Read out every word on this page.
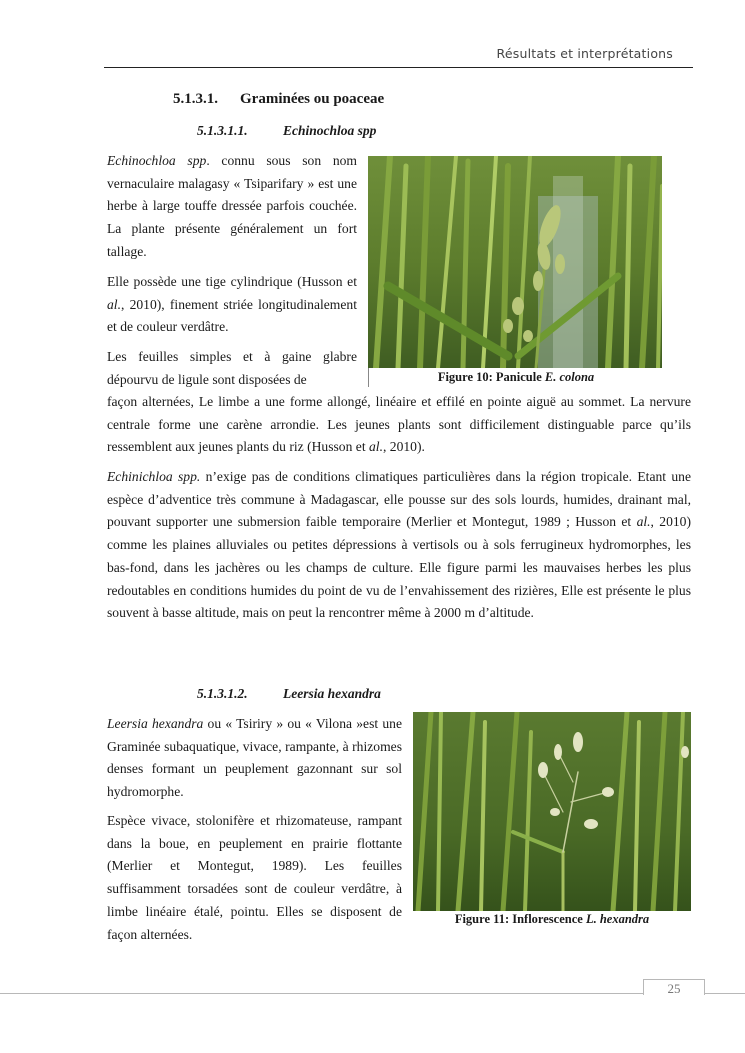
Résultats et interprétations
5.1.3.1. Graminées ou poaceae
5.1.3.1.1.	Echinochloa spp
Figure 10: Panicule E. colona

Echinochloa spp. connu sous son nom vernaculaire malagasy « Tsiparifary » est une herbe à large touffe dressée parfois couchée. La plante présente généralement un fort tallage.

Elle possède une tige cylindrique (Husson et al., 2010), finement striée longitudinalement et de couleur verdâtre.

Les feuilles simples et à gaine glabre dépourvu de ligule sont disposées de

façon alternées, Le limbe a une forme allongé, linéaire et effilé en pointe aiguë au sommet. La nervure centrale forme une carène arrondie. Les jeunes plants sont difficilement distinguable parce qu’ils ressemblent aux jeunes plants du riz (Husson et al., 2010).

Echinichloa spp. n’exige pas de conditions climatiques particulières dans la région tropicale. Etant une espèce d’adventice très commune à Madagascar, elle pousse sur des sols lourds, humides, drainant mal, pouvant supporter une submersion faible temporaire (Merlier et Montegut, 1989 ; Husson et al., 2010) comme les plaines alluviales ou petites dépressions à vertisols ou à sols ferrugineux hydromorphes, les bas-fond, dans les jachères ou les champs de culture. Elle figure parmi les mauvaises herbes les plus redoutables en conditions humides du point de vu de l’envahissement des rizières, Elle est présente le plus souvent à basse altitude, mais on peut la rencontrer même à 2000 m d’altitude.

5.1.3.1.2.	Leersia hexandra
Figure 11: Inflorescence L. hexandra

Leersia hexandra ou « Tsiriry » ou « Vilona »est une Graminée subaquatique, vivace, rampante, à rhizomes denses formant un peuplement gazonnant sur sol hydromorphe.

Espèce vivace, stolonifère et rhizomateuse, rampant dans la boue, en peuplement en prairie flottante (Merlier et Montegut, 1989). Les feuilles suffisamment torsadées sont de couleur verdâtre, à limbe linéaire étalé, pointu. Elles se disposent de façon alternées.

25
